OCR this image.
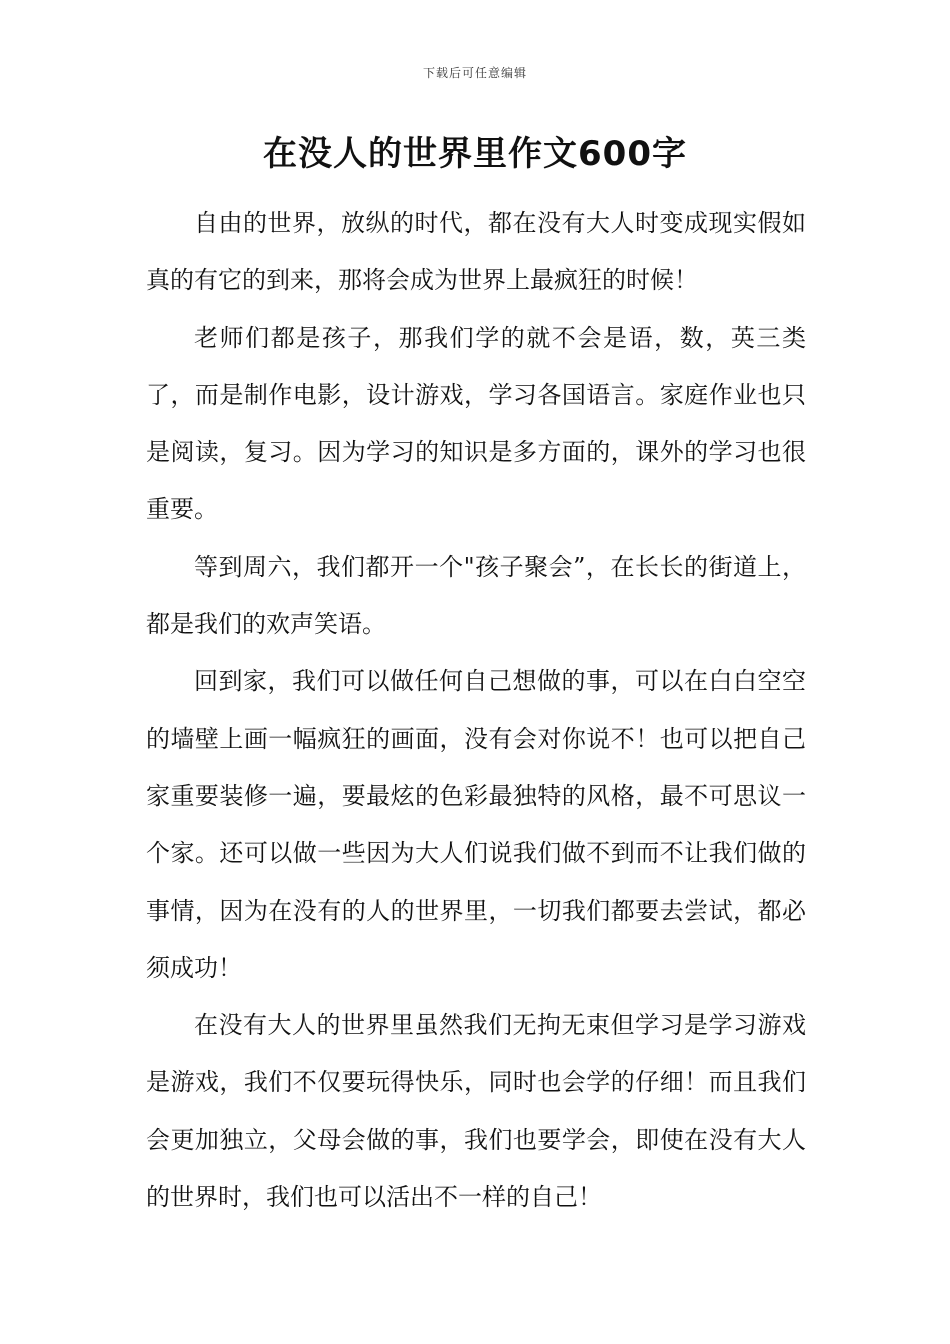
下载后可任意编辑
在没人的世界里作文600字

自由的世界，放纵的时代，都在没有大人时变成现实假如真的有它的到来，那将会成为世界上最疯狂的时候！

老师们都是孩子，那我们学的就不会是语，数，英三类了，而是制作电影，设计游戏，学习各国语言。家庭作业也只是阅读，复习。因为学习的知识是多方面的，课外的学习也很重要。

等到周六，我们都开一个"孩子聚会”，在长长的街道上，都是我们的欢声笑语。

回到家，我们可以做任何自己想做的事，可以在白白空空的墙壁上画一幅疯狂的画面，没有会对你说不！也可以把自己家重要装修一遍，要最炫的色彩最独特的风格，最不可思议一个家。还可以做一些因为大人们说我们做不到而不让我们做的事情，因为在没有的人的世界里，一切我们都要去尝试，都必须成功！

在没有大人的世界里虽然我们无拘无束但学习是学习游戏是游戏，我们不仅要玩得快乐，同时也会学的仔细！而且我们会更加独立，父母会做的事，我们也要学会，即使在没有大人的世界时，我们也可以活出不一样的自己！
